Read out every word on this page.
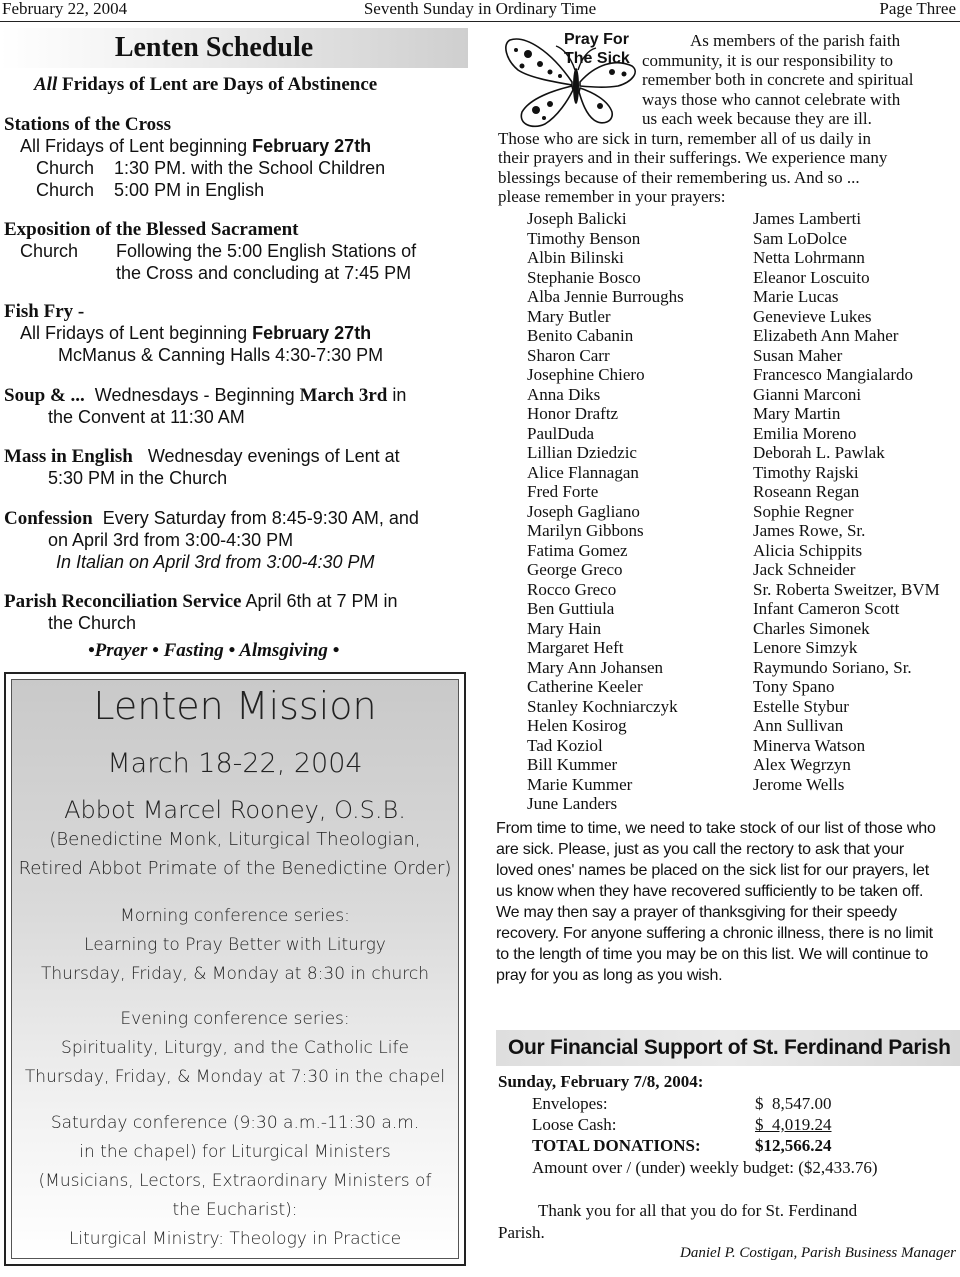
February 22, 2004	Seventh Sunday in Ordinary Time	Page Three
Lenten Schedule
All Fridays of Lent are Days of Abstinence
Stations of the Cross
All Fridays of Lent beginning February 27th
Church    1:30 PM. with the School Children
Church    5:00 PM in English
Exposition of the Blessed Sacrament
Church Following the 5:00 English Stations of
the Cross and concluding at 7:45 PM
Fish Fry -
All Fridays of Lent beginning February 27th
McManus & Canning Halls 4:30-7:30 PM
Soup & ...  Wednesdays - Beginning March 3rd in
the Convent at 11:30 AM
Mass in English   Wednesday evenings of Lent at
5:30 PM in the Church
Confession  Every Saturday from 8:45-9:30 AM, and
on April 3rd from 3:00-4:30 PM
In Italian on April 3rd from 3:00-4:30 PM
Parish Reconciliation Service April 6th at 7 PM in
the Church
•Prayer • Fasting • Almsgiving •
Lenten Mission
March 18-22, 2004
Abbot Marcel Rooney, O.S.B.
(Benedictine Monk, Liturgical Theologian,
Retired Abbot Primate of the Benedictine Order)
Morning conference series:
Learning to Pray Better with Liturgy
Thursday, Friday, & Monday at 8:30 in church
Evening conference series:
Spirituality, Liturgy, and the Catholic Life
Thursday, Friday, & Monday at 7:30 in the chapel
Saturday conference (9:30 a.m.-11:30 a.m.
in the chapel) for Liturgical Ministers
(Musicians, Lectors, Extraordinary Ministers of
the Eucharist):
Liturgical Ministry: Theology in Practice
Pray For
The Sick
As members of the parish faith
community, it is our responsibility to
remember both in concrete and spiritual
ways those who cannot celebrate with
us each week because they are ill.
Those who are sick in turn, remember all of us daily in
their prayers and in their sufferings. We experience many
blessings because of their remembering us. And so ...
please remember in your prayers:
Joseph Balicki
Timothy Benson
Albin Bilinski
Stephanie Bosco
Alba Jennie Burroughs
Mary Butler
Benito Cabanin
Sharon Carr
Josephine Chiero
Anna Diks
Honor Draftz
PaulDuda
Lillian Dziedzic
Alice Flannagan
Fred Forte
Joseph Gagliano
Marilyn Gibbons
Fatima Gomez
George Greco
Rocco Greco
Ben Guttiula
Mary Hain
Margaret Heft
Mary Ann Johansen
Catherine Keeler
Stanley Kochniarczyk
Helen Kosirog
Tad Koziol
Bill Kummer
Marie Kummer
June Landers
James Lamberti
Sam LoDolce
Netta Lohrmann
Eleanor Loscuito
Marie Lucas
Genevieve Lukes
Elizabeth Ann Maher
Susan Maher
Francesco Mangialardo
Gianni Marconi
Mary Martin
Emilia Moreno
Deborah L. Pawlak
Timothy Rajski
Roseann Regan
Sophie Regner
James Rowe, Sr.
Alicia Schippits
Jack Schneider
Sr. Roberta Sweitzer, BVM
Infant Cameron Scott
Charles Simonek
Lenore Simzyk
Raymundo Soriano, Sr.
Tony Spano
Estelle Stybur
Ann Sullivan
Minerva Watson
Alex Wegrzyn
Jerome Wells
From time to time, we need to take stock of our list of those who
are sick. Please, just as you call the rectory to ask that your
loved ones' names be placed on the sick list for our prayers, let
us know when they have recovered sufficiently to be taken off.
We may then say a prayer of thanksgiving for their speedy
recovery. For anyone suffering a chronic illness, there is no limit
to the length of time you may be on this list. We will continue to
pray for you as long as you wish.
Our Financial Support of St. Ferdinand Parish
Sunday, February 7/8, 2004:
Envelopes:	$  8,547.00
Loose Cash:	$  4,019.24
TOTAL DONATIONS:	$12,566.24
Amount over / (under) weekly budget: ($2,433.76)
Thank you for all that you do for St. Ferdinand
Parish.
Daniel P. Costigan, Parish Business Manager
